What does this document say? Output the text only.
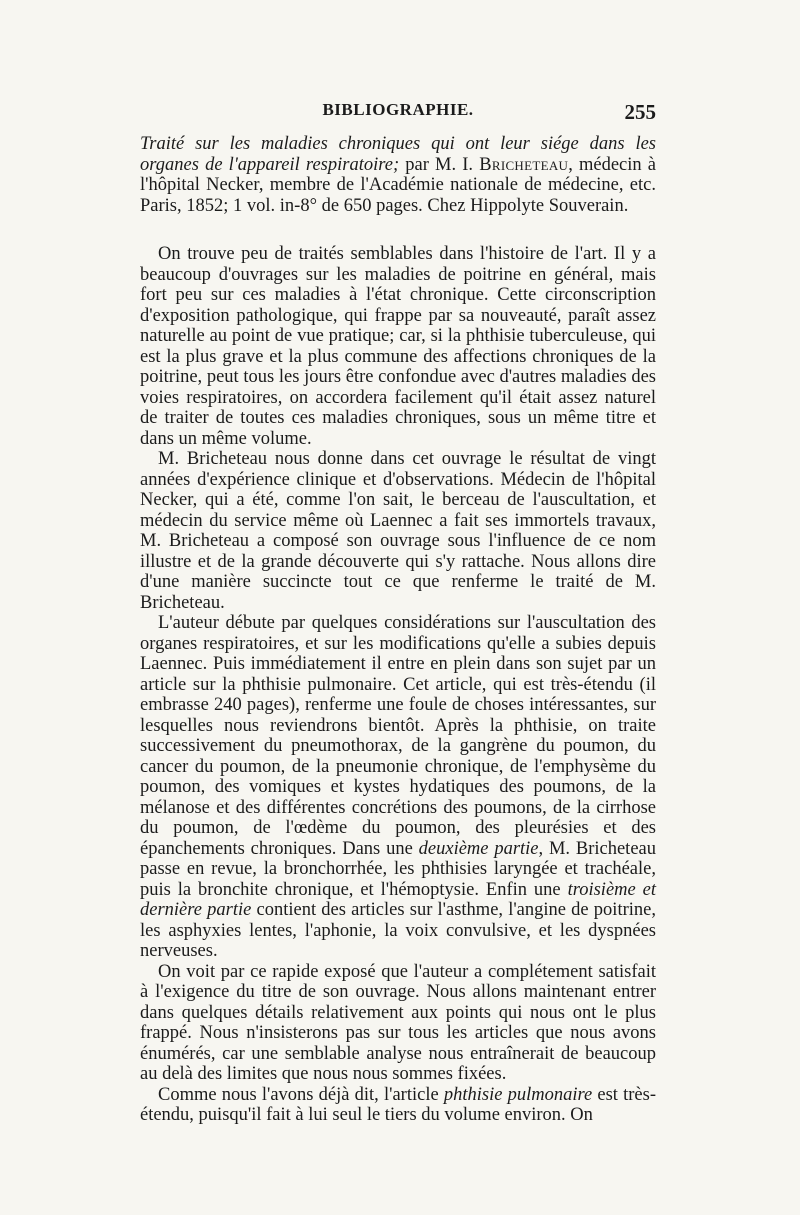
BIBLIOGRAPHIE.	255
Traité sur les maladies chroniques qui ont leur siége dans les organes de l'appareil respiratoire; par M. I. Bricheteau, médecin à l'hôpital Necker, membre de l'Académie nationale de médecine, etc. Paris, 1852; 1 vol. in-8° de 650 pages. Chez Hippolyte Souverain.

On trouve peu de traités semblables dans l'histoire de l'art. Il y a beaucoup d'ouvrages sur les maladies de poitrine en général, mais fort peu sur ces maladies à l'état chronique. Cette circonscription d'exposition pathologique, qui frappe par sa nouveauté, paraît assez naturelle au point de vue pratique; car, si la phthisie tuberculeuse, qui est la plus grave et la plus commune des affections chroniques de la poitrine, peut tous les jours être confondue avec d'autres maladies des voies respiratoires, on accordera facilement qu'il était assez naturel de traiter de toutes ces maladies chroniques, sous un même titre et dans un même volume.

M. Bricheteau nous donne dans cet ouvrage le résultat de vingt années d'expérience clinique et d'observations. Médecin de l'hôpital Necker, qui a été, comme l'on sait, le berceau de l'auscultation, et médecin du service même où Laennec a fait ses immortels travaux, M. Bricheteau a composé son ouvrage sous l'influence de ce nom illustre et de la grande découverte qui s'y rattache. Nous allons dire d'une manière succincte tout ce que renferme le traité de M. Bricheteau.

L'auteur débute par quelques considérations sur l'auscultation des organes respiratoires, et sur les modifications qu'elle a subies depuis Laennec. Puis immédiatement il entre en plein dans son sujet par un article sur la phthisie pulmonaire. Cet article, qui est très-étendu (il embrasse 240 pages), renferme une foule de choses intéressantes, sur lesquelles nous reviendrons bientôt. Après la phthisie, on traite successivement du pneumothorax, de la gangrène du poumon, du cancer du poumon, de la pneumonie chronique, de l'emphysème du poumon, des vomiques et kystes hydatiques des poumons, de la mélanose et des différentes concrétions des poumons, de la cirrhose du poumon, de l'œdème du poumon, des pleurésies et des épanchements chroniques. Dans une deuxième partie, M. Bricheteau passe en revue, la bronchorrhée, les phthisies laryngée et trachéale, puis la bronchite chronique, et l'hémoptysie. Enfin une troisième et dernière partie contient des articles sur l'asthme, l'angine de poitrine, les asphyxies lentes, l'aphonie, la voix convulsive, et les dyspnées nerveuses.

On voit par ce rapide exposé que l'auteur a complétement satisfait à l'exigence du titre de son ouvrage. Nous allons maintenant entrer dans quelques détails relativement aux points qui nous ont le plus frappé. Nous n'insisterons pas sur tous les articles que nous avons énumérés, car une semblable analyse nous entraînerait de beaucoup au delà des limites que nous nous sommes fixées.

Comme nous l'avons déjà dit, l'article phthisie pulmonaire est très-étendu, puisqu'il fait à lui seul le tiers du volume environ. On
